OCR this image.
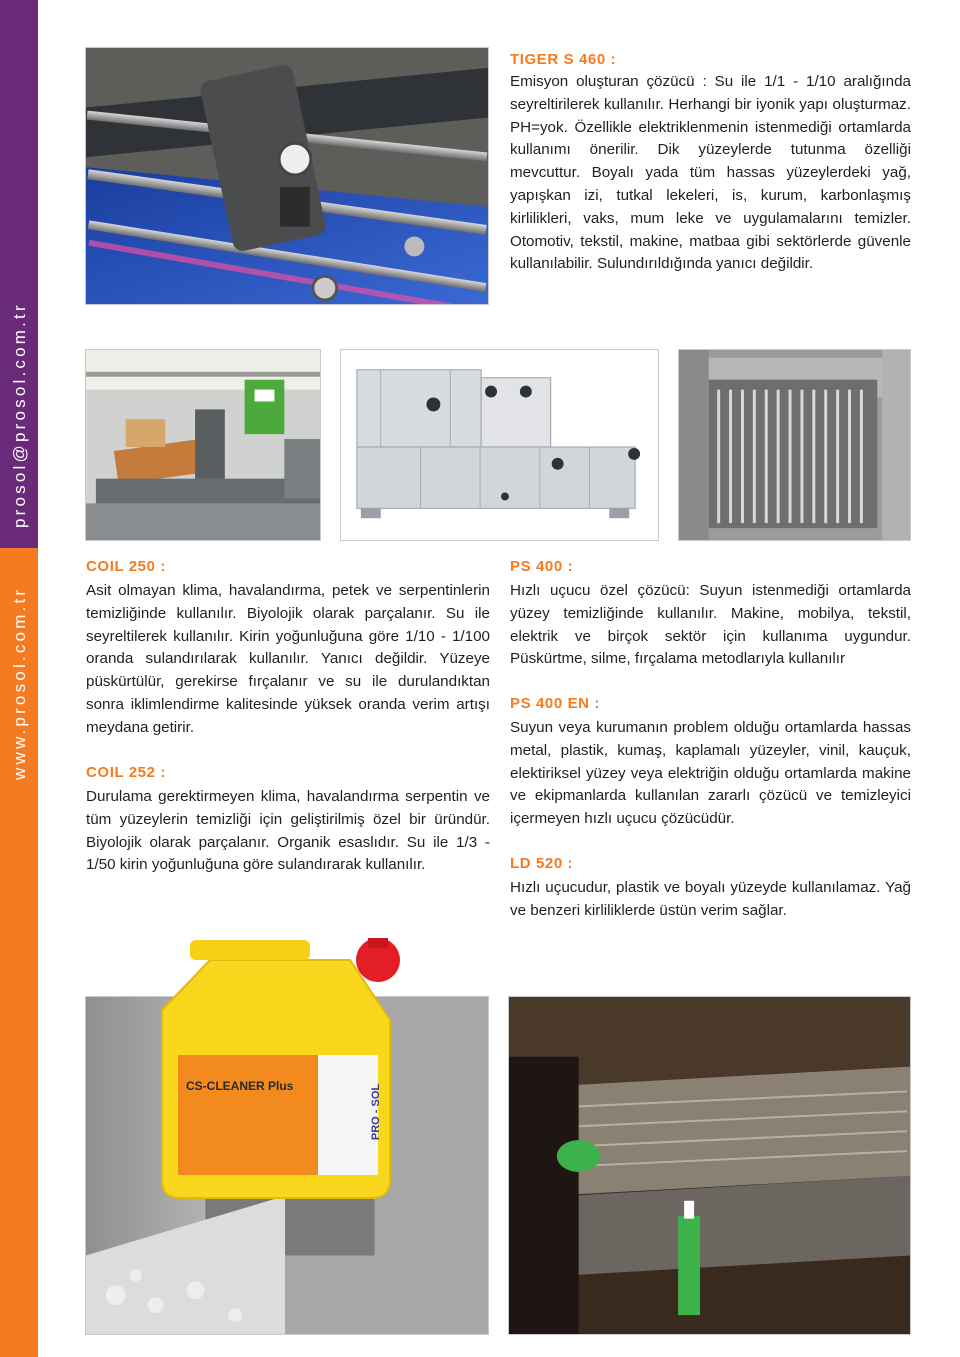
prosol@prosol.com.tr
www.prosol.com.tr
TIGER S 460 :

Emisyon oluşturan çözücü : Su ile 1/1 - 1/10 aralığında seyreltirilerek kullanılır. Herhangi bir iyonik yapı oluşturmaz. PH=yok. Özellikle elektriklenmenin istenmediği ortamlarda kullanımı önerilir. Dik yüzeylerde tutunma özelliği mevcuttur. Boyalı yada tüm hassas yüzeylerdeki yağ, yapışkan izi, tutkal lekeleri, is, kurum, karbonlaşmış kirlilikleri, vaks, mum leke ve uygulamalarını temizler. Otomotiv, tekstil, makine, matbaa gibi sektörlerde güvenle kullanılabilir. Sulundırıldığında yanıcı değildir.

COIL 250 :

Asit olmayan klima, havalandırma, petek ve serpentinlerin temizliğinde kullanılır. Biyolojik olarak parçalanır. Su ile seyreltilerek kullanılır. Kirin yoğunluğuna göre 1/10 - 1/100 oranda sulandırılarak kullanılır. Yanıcı değildir. Yüzeye püskürtülür, gerekirse fırçalanır ve su ile durulandıktan sonra iklimlendirme kalitesinde yüksek oranda verim artışı meydana getirir.

COIL 252 :

Durulama gerektirmeyen klima, havalandırma serpentin ve tüm yüzeylerin temizliği için geliştirilmiş özel bir üründür. Biyolojik olarak parçalanır. Organik esaslıdır. Su ile 1/3 - 1/50 kirin yoğunluğuna göre sulandırarak kullanılır.

PS 400 :

Hızlı uçucu özel çözücü: Suyun istenmediği ortamlarda yüzey temizliğinde kullanılır. Makine, mobilya, tekstil, elektrik ve birçok sektör için kullanıma uygundur. Püskürtme, silme, fırçalama metodlarıyla kullanılır

PS 400 EN :

Suyun veya kurumanın problem olduğu ortamlarda hassas metal, plastik, kumaş, kaplamalı yüzeyler, vinil, kauçuk, elektiriksel yüzey veya elektriğin olduğu ortamlarda makine ve ekipmanlarda kullanılan zararlı çözücü ve temizleyici içermeyen hızlı uçucu çözücüdür.

LD 520 :

Hızlı uçucudur, plastik ve boyalı yüzeyde kullanılamaz. Yağ ve benzeri kirliliklerde üstün verim sağlar.

CS-CLEANER Plus	PRO - SOL
